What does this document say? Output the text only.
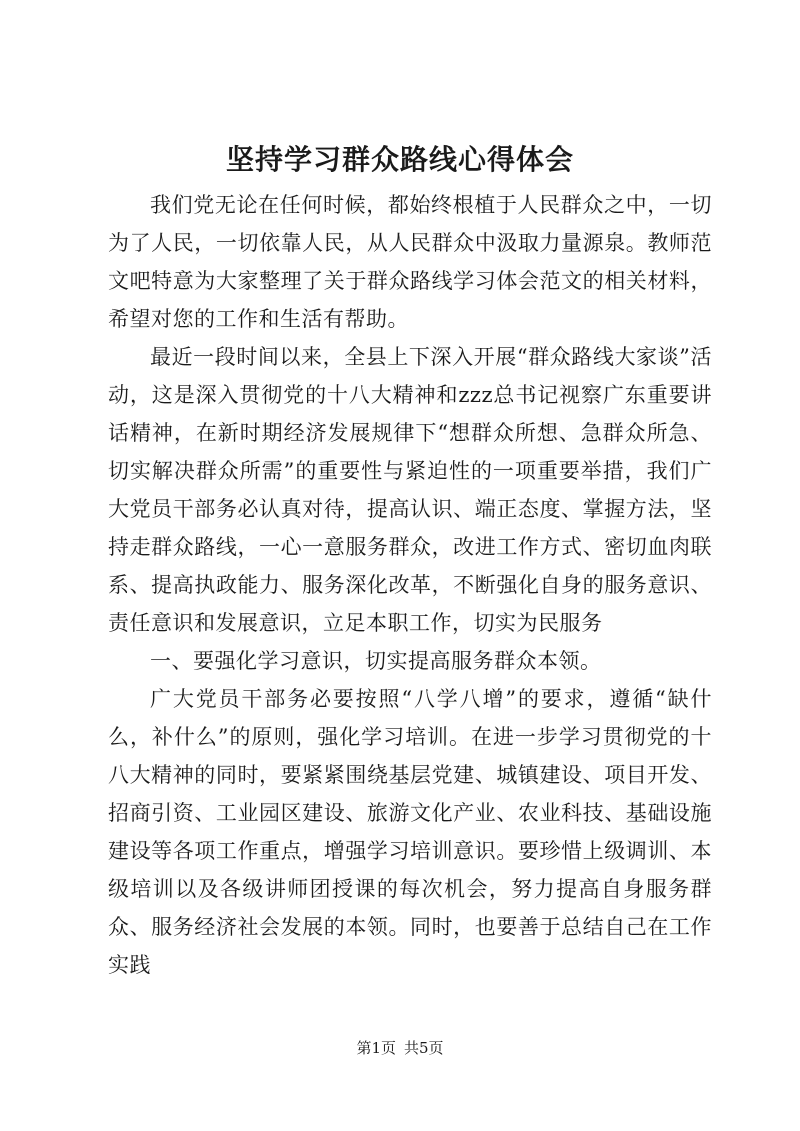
坚持学习群众路线心得体会

我们党无论在任何时候，都始终根植于人民群众之中，一切为了人民，一切依靠人民，从人民群众中汲取力量源泉。教师范文吧特意为大家整理了关于群众路线学习体会范文的相关材料，希望对您的工作和生活有帮助。

最近一段时间以来，全县上下深入开展“群众路线大家谈”活动，这是深入贯彻党的十八大精神和zzz总书记视察广东重要讲话精神，在新时期经济发展规律下“想群众所想、急群众所急、切实解决群众所需”的重要性与紧迫性的一项重要举措，我们广大党员干部务必认真对待，提高认识、端正态度、掌握方法，坚持走群众路线，一心一意服务群众，改进工作方式、密切血肉联系、提高执政能力、服务深化改革，不断强化自身的服务意识、责任意识和发展意识，立足本职工作，切实为民服务

一、要强化学习意识，切实提高服务群众本领。

广大党员干部务必要按照“八学八增”的要求，遵循“缺什么，补什么”的原则，强化学习培训。在进一步学习贯彻党的十八大精神的同时，要紧紧围绕基层党建、城镇建设、项目开发、招商引资、工业园区建设、旅游文化产业、农业科技、基础设施建设等各项工作重点，增强学习培训意识。要珍惜上级调训、本级培训以及各级讲师团授课的每次机会，努力提高自身服务群众、服务经济社会发展的本领。同时，也要善于总结自己在工作实践

第1页 共5页
